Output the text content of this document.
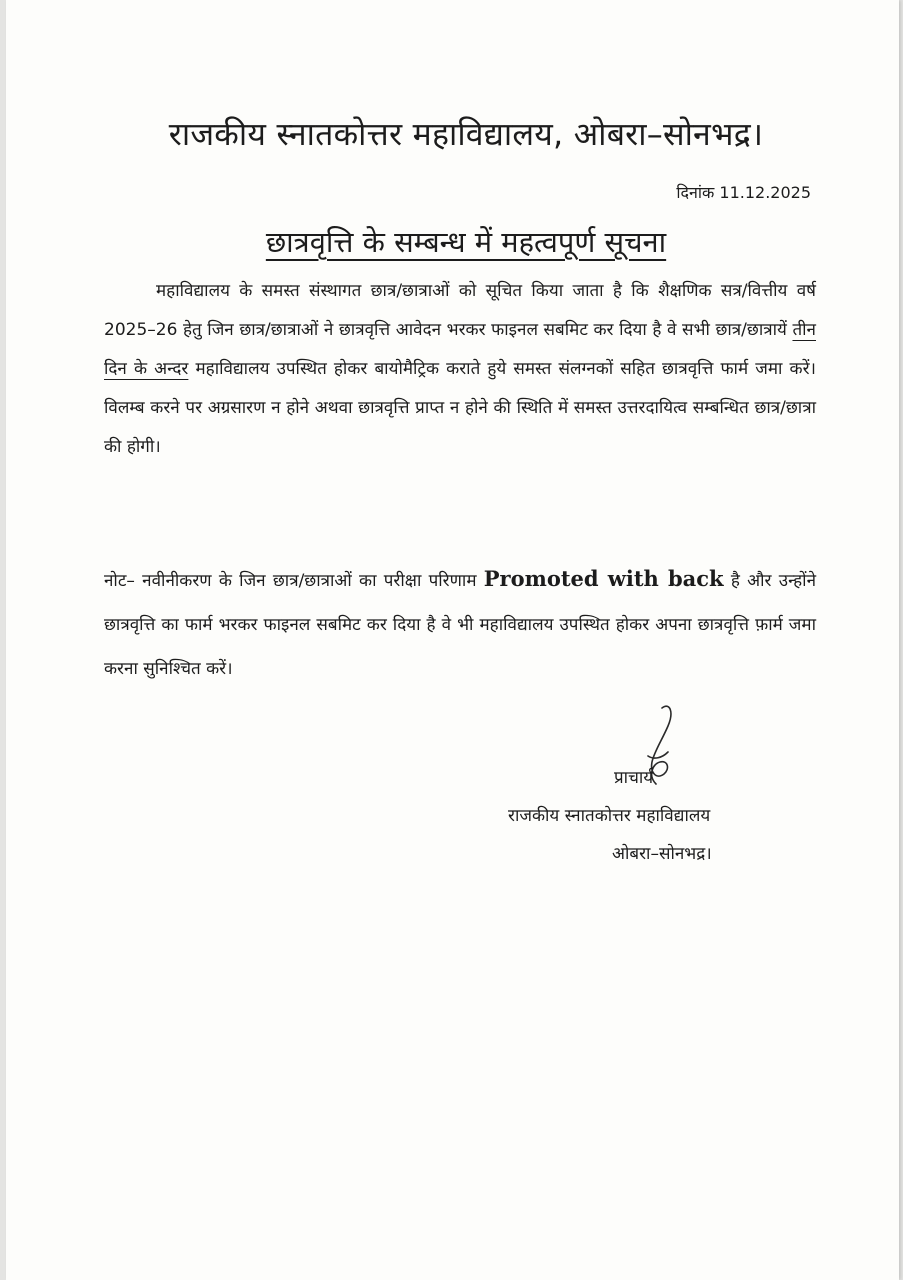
राजकीय स्नातकोत्तर महाविद्यालय, ओबरा–सोनभद्र।
दिनांक 11.12.2025
छात्रवृत्ति के सम्बन्ध में महत्वपूर्ण सूचना
महाविद्यालय के समस्त संस्थागत छात्र/छात्राओं को सूचित किया जाता है कि शैक्षणिक सत्र/वित्तीय वर्ष 2025–26 हेतु जिन छात्र/छात्राओं ने छात्रवृत्ति आवेदन भरकर फाइनल सबमिट कर दिया है वे सभी छात्र/छात्रायें तीन दिन के अन्दर महाविद्यालय उपस्थित होकर बायोमैट्रिक कराते हुये समस्त संलग्नकों सहित छात्रवृत्ति फार्म जमा करें। विलम्ब करने पर अग्रसारण न होने अथवा छात्रवृत्ति प्राप्त न होने की स्थिति में समस्त उत्तरदायित्व सम्बन्धित छात्र/छात्रा की होगी।
नोट– नवीनीकरण के जिन छात्र/छात्राओं का परीक्षा परिणाम Promoted with back है और उन्होंने छात्रवृत्ति का फार्म भरकर फाइनल सबमिट कर दिया है वे भी महाविद्यालय उपस्थित होकर अपना छात्रवृत्ति फ़ार्म जमा करना सुनिश्चित करें।
प्राचार्य
राजकीय स्नातकोत्तर महाविद्यालय
ओबरा–सोनभद्र।
